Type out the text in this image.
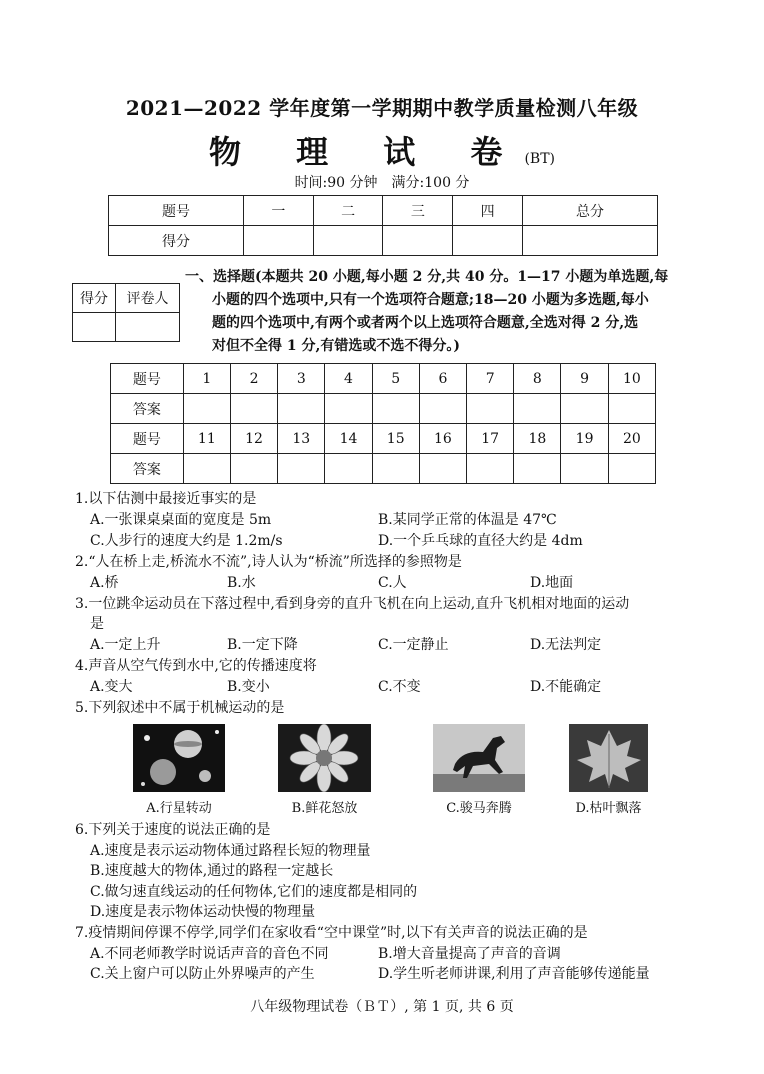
2021—2022 学年度第一学期期中教学质量检测八年级
物 理 试 卷(BT)
时间:90 分钟　满分:100 分
题号	一	二	三	四	总分
得分					
得分	评卷人

一、选择题(本题共 20 小题,每小题 2 分,共 40 分。1—17 小题为单选题,每
小题的四个选项中,只有一个选项符合题意;18—20 小题为多选题,每小
题的四个选项中,有两个或者两个以上选项符合题意,全选对得 2 分,选
对但不全得 1 分,有错选或不选不得分。)
题号	1	2	3	4	5	6	7	8	9	10
答案										
题号	11	12	13	14	15	16	17	18	19	20
答案										
1.以下估测中最接近事实的是
A.一张课桌桌面的宽度是 5m	B.某同学正常的体温是 47℃
C.人步行的速度大约是 1.2m/s	D.一个乒乓球的直径大约是 4dm
2.“人在桥上走,桥流水不流”,诗人认为“桥流”所选择的参照物是
A.桥	B.水	C.人	D.地面
3.一位跳伞运动员在下落过程中,看到身旁的直升飞机在向上运动,直升飞机相对地面的运动
是
A.一定上升	B.一定下降	C.一定静止	D.无法判定
4.声音从空气传到水中,它的传播速度将
A.变大	B.变小	C.不变	D.不能确定
5.下列叙述中不属于机械运动的是
A.行星转动	B.鲜花怒放	C.骏马奔腾	D.枯叶飘落
6.下列关于速度的说法正确的是
A.速度是表示运动物体通过路程长短的物理量
B.速度越大的物体,通过的路程一定越长
C.做匀速直线运动的任何物体,它们的速度都是相同的
D.速度是表示物体运动快慢的物理量
7.疫情期间停课不停学,同学们在家收看“空中课堂”时,以下有关声音的说法正确的是
A.不同老师教学时说话声音的音色不同	B.增大音量提高了声音的音调
C.关上窗户可以防止外界噪声的产生	D.学生听老师讲课,利用了声音能够传递能量
八年级物理试卷（ＢＴ）, 第 1 页, 共 6 页
